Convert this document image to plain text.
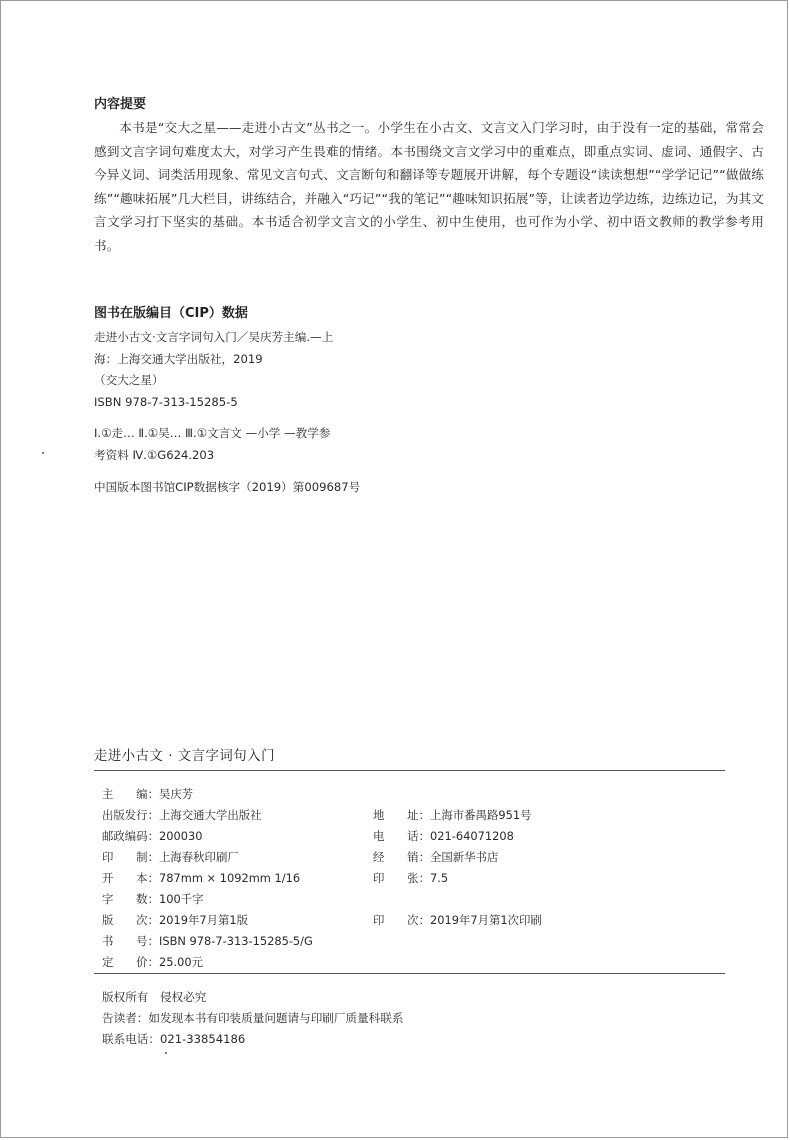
内容提要

本书是“交大之星——走进小古文”丛书之一。小学生在小古文、文言文入门学习时，由于没有一定的基础，常常会感到文言字词句难度太大，对学习产生畏难的情绪。本书围绕文言文学习中的重难点，即重点实词、虚词、通假字、古今异义词、词类活用现象、常见文言句式、文言断句和翻译等专题展开讲解，每个专题设“读读想想”“学学记记”“做做练练”“趣味拓展”几大栏目，讲练结合，并融入“巧记”“我的笔记”“趣味知识拓展”等，让读者边学边练，边练边记，为其文言文学习打下坚实的基础。本书适合初学文言文的小学生、初中生使用，也可作为小学、初中语文教师的教学参考用书。

图书在版编目（CIP）数据
走进小古文·文言字词句入门／吴庆芳主编.—上
海：上海交通大学出版社，2019
（交大之星）
ISBN 978-7-313-15285-5
Ⅰ.①走… Ⅱ.①吴… Ⅲ.①文言文 —小学 —教学参
考资料 Ⅳ.①G624.203
中国版本图书馆CIP数据核字（2019）第009687号
走进小古文 · 文言字词句入门
主　　编：吴庆芳
出版发行：上海交通大学出版社	地　　址：上海市番禺路951号
邮政编码：200030	电　　话：021-64071208
印　　制：上海春秋印刷厂	经　　销：全国新华书店
开　　本：787mm × 1092mm 1/16	印　　张：7.5
字　　数：100千字
版　　次：2019年7月第1版	印　　次：2019年7月第1次印刷
书　　号：ISBN 978-7-313-15285-5/G
定　　价：25.00元
版权所有　侵权必究
告读者：如发现本书有印装质量问题请与印刷厂质量科联系
联系电话：021-33854186
